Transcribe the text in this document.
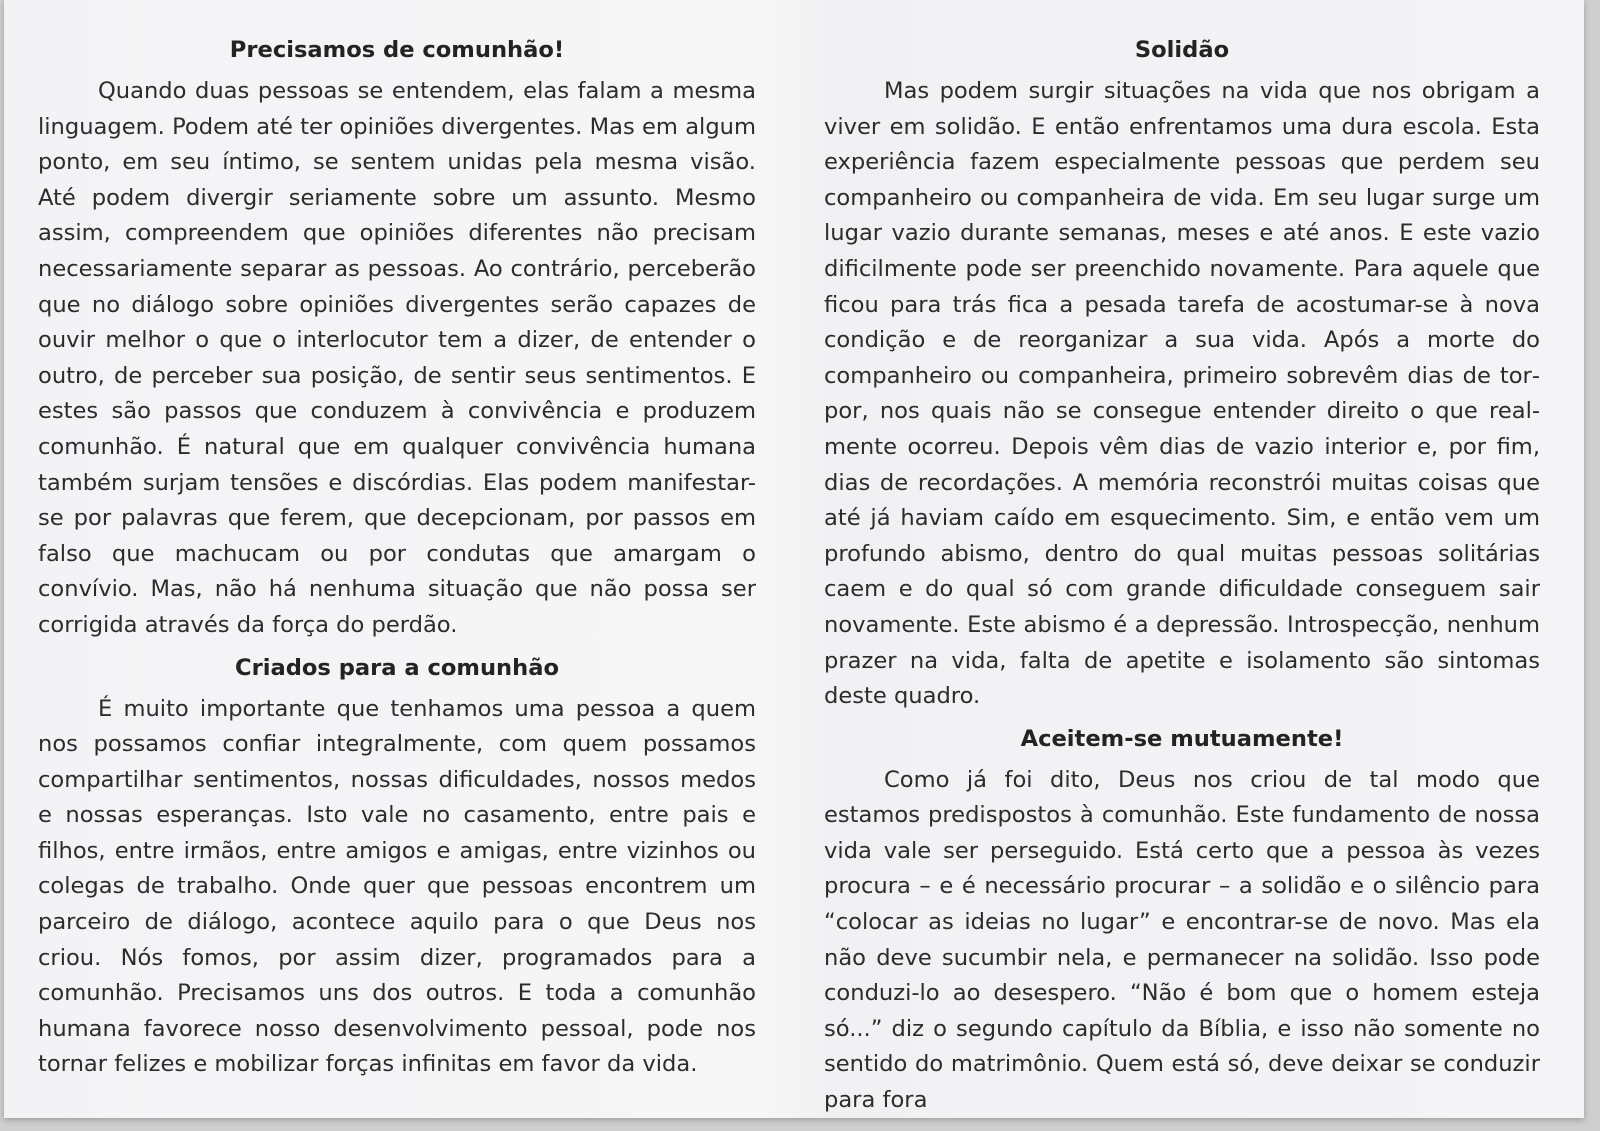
Precisamos de comunhão!

Quando duas pessoas se entendem, elas falam a mesma linguagem. Podem até ter opiniões divergentes. Mas em algum ponto, em seu íntimo, se sentem unidas pela mesma visão. Até podem divergir seriamente sobre um assunto. Mesmo assim, compreendem que opiniões diferentes não precisam necessariamente separar as pessoas. Ao contrário, perceberão que no diálogo sobre opiniões divergentes serão capazes de ouvir melhor o que o interlocutor tem a dizer, de entender o outro, de perceber sua posição, de sentir seus sentimentos. E estes são passos que conduzem à convivência e produzem comunhão. É natural que em qualquer convivência humana também surjam tensões e discórdias. Elas podem manifestar-se por palavras que ferem, que decepcionam, por passos em falso que machucam ou por condutas que amargam o convívio. Mas, não há nenhuma situação que não possa ser corrigida através da força do perdão.

Criados para a comunhão

É muito importante que tenhamos uma pessoa a quem nos possamos confiar integralmente, com quem possamos compartilhar sentimentos, nossas dificuldades, nossos medos e nossas esperanças. Isto vale no casamento, entre pais e filhos, entre irmãos, entre amigos e amigas, entre vizinhos ou colegas de trabalho. Onde quer que pessoas encontrem um parceiro de diálogo, acontece aquilo para o que Deus nos criou. Nós fomos, por assim dizer, programados para a comunhão. Precisamos uns dos outros. E toda a comunhão humana favorece nosso desenvolvimento pessoal, pode nos tornar felizes e mobilizar forças infinitas em favor da vida.

Solidão

Mas podem surgir situações na vida que nos obrigam a viver em solidão. E então enfrentamos uma dura escola. Esta experiência fazem especialmente pessoas que perdem seu companheiro ou companheira de vida. Em seu lugar surge um lugar vazio durante semanas, meses e até anos. E este vazio dificilmente pode ser preenchido novamente. Para aquele que ficou para trás fica a pesada tarefa de acostumar-se à nova condição e de reorganizar a sua vida. Após a morte do companheiro ou companheira, primeiro sobrevêm dias de torpor, nos quais não se consegue entender direito o que realmente ocorreu. Depois vêm dias de vazio interior e, por fim, dias de recordações. A memória reconstrói muitas coisas que até já haviam caído em esquecimento. Sim, e então vem um profundo abismo, dentro do qual muitas pessoas solitárias caem e do qual só com grande dificuldade conseguem sair novamente. Este abismo é a depressão. Introspecção, nenhum prazer na vida, falta de apetite e isolamento são sintomas deste quadro.

Aceitem-se mutuamente!

Como já foi dito, Deus nos criou de tal modo que estamos predispostos à comunhão. Este fundamento de nossa vida vale ser perseguido. Está certo que a pessoa às vezes procura – e é necessário procurar – a solidão e o silêncio para “colocar as ideias no lugar” e encontrar-se de novo. Mas ela não deve sucumbir nela, e permanecer na solidão. Isso pode conduzi-lo ao desespero. “Não é bom que o homem esteja só...” diz o segundo capítulo da Bíblia, e isso não somente no sentido do matrimônio. Quem está só, deve deixar se conduzir para fora
